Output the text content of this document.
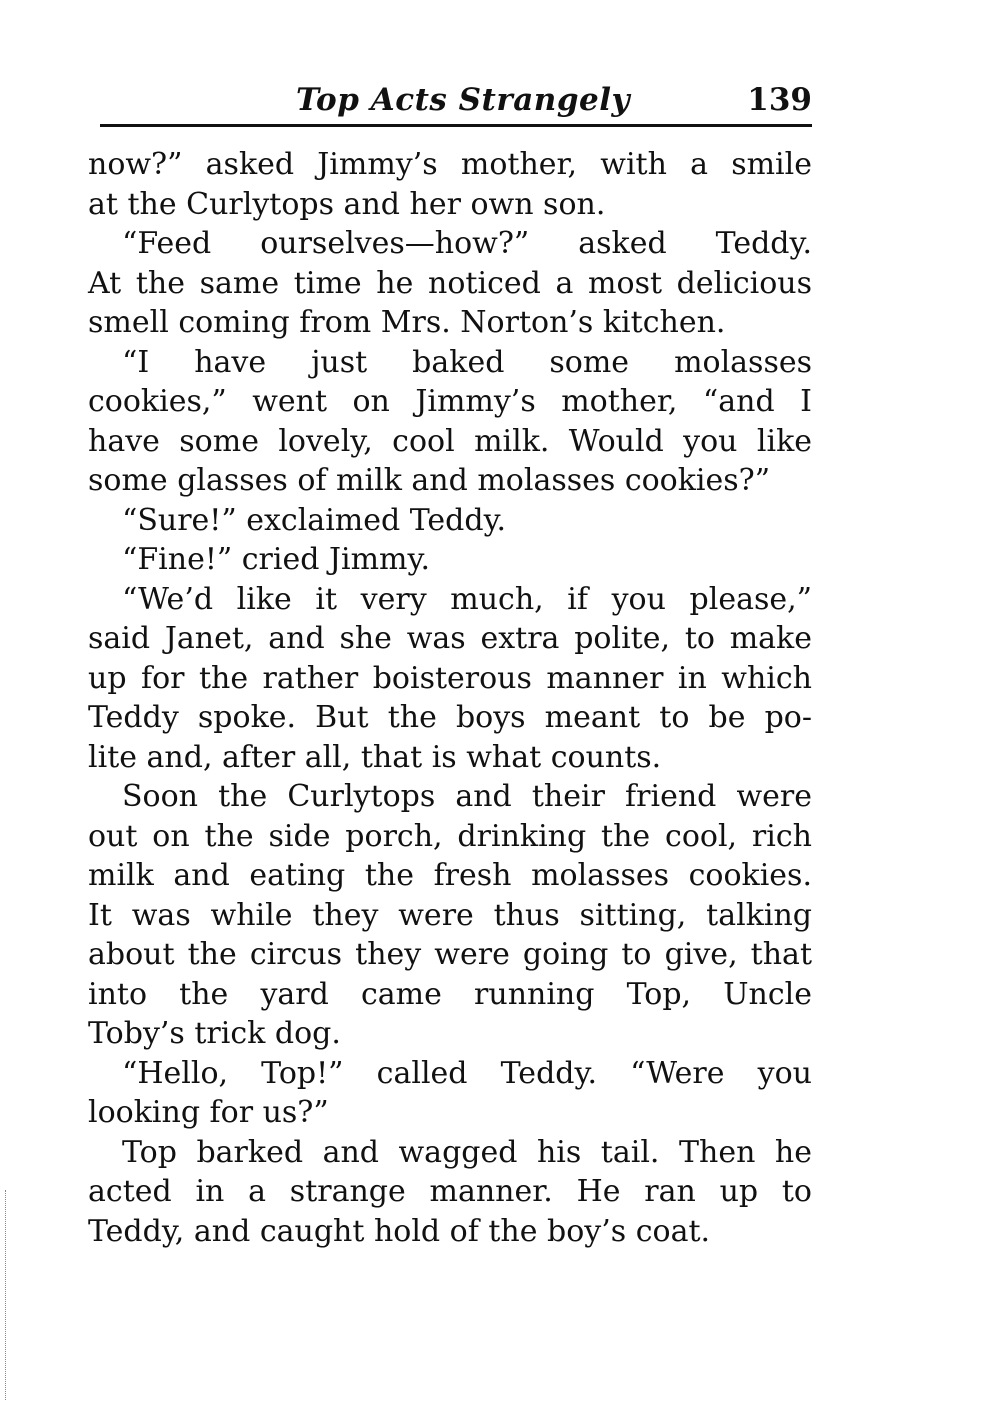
Top Acts Strangely	139
now?” asked Jimmy’s mother, with a smile
at the Curlytops and her own son.
“Feed ourselves—how?” asked Teddy.
At the same time he noticed a most delicious
smell coming from Mrs. Norton’s kitchen.
“I have just baked some molasses
cookies,” went on Jimmy’s mother, “and I
have some lovely, cool milk. Would you like
some glasses of milk and molasses cookies?”
“Sure!” exclaimed Teddy.
“Fine!” cried Jimmy.
“We’d like it very much, if you please,”
said Janet, and she was extra polite, to make
up for the rather boisterous manner in which
Teddy spoke. But the boys meant to be po-
lite and, after all, that is what counts.
Soon the Curlytops and their friend were
out on the side porch, drinking the cool, rich
milk and eating the fresh molasses cookies.
It was while they were thus sitting, talking
about the circus they were going to give, that
into the yard came running Top, Uncle
Toby’s trick dog.
“Hello, Top!” called Teddy. “Were you
looking for us?”
Top barked and wagged his tail. Then he
acted in a strange manner. He ran up to
Teddy, and caught hold of the boy’s coat.
